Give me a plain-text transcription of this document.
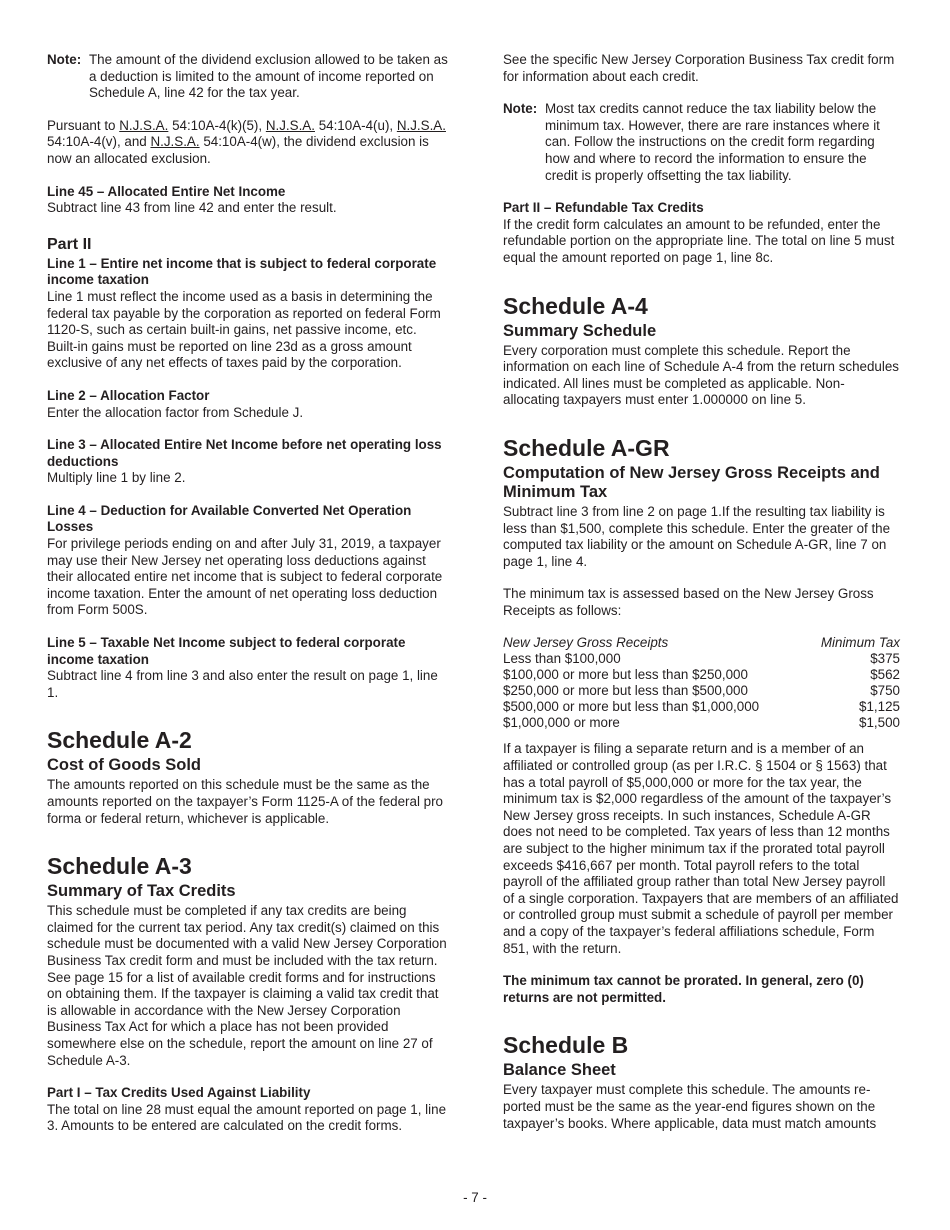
Note: The amount of the dividend exclusion allowed to be taken as a deduction is limited to the amount of income reported on Schedule A, line 42 for the tax year.

Pursuant to N.J.S.A. 54:10A-4(k)(5), N.J.S.A. 54:10A-4(u), N.J.S.A. 54:10A-4(v), and N.J.S.A. 54:10A-4(w), the dividend exclusion is now an allocated exclusion.

Line 45 – Allocated Entire Net Income

Subtract line 43 from line 42 and enter the result.

Part II
Line 1 – Entire net income that is subject to federal corporate income taxation

Line 1 must reflect the income used as a basis in determining the federal tax payable by the corporation as reported on federal Form 1120-S, such as certain built-in gains, net passive income, etc. Built-in gains must be reported on line 23d as a gross amount exclusive of any net effects of taxes paid by the corporation.

Line 2 – Allocation Factor

Enter the allocation factor from Schedule J.

Line 3 – Allocated Entire Net Income before net operating loss deductions

Multiply line 1 by line 2.

Line 4 – Deduction for Available Converted Net Operation Losses

For privilege periods ending on and after July 31, 2019, a taxpayer may use their New Jersey net operating loss deductions against their allocated entire net income that is subject to federal corporate income taxation. Enter the amount of net operating loss deduction from Form 500S.

Line 5 – Taxable Net Income subject to federal corporate income taxation

Subtract line 4 from line 3 and also enter the result on page 1, line 1.

Schedule A-2
Cost of Goods Sold

The amounts reported on this schedule must be the same as the amounts reported on the taxpayer’s Form 1125-A of the federal pro forma or federal return, whichever is applicable.

Schedule A-3
Summary of Tax Credits

This schedule must be completed if any tax credits are being claimed for the current tax period. Any tax credit(s) claimed on this schedule must be documented with a valid New Jersey Corporation Business Tax credit form and must be included with the tax return. See page 15 for a list of available credit forms and for instructions on obtaining them. If the taxpayer is claiming a valid tax credit that is allowable in accordance with the New Jersey Corporation Business Tax Act for which a place has not been provided somewhere else on the schedule, report the amount on line 27 of Schedule A-3.

Part I – Tax Credits Used Against Liability

The total on line 28 must equal the amount reported on page 1, line 3. Amounts to be entered are calculated on the credit forms.

See the specific New Jersey Corporation Business Tax credit form for information about each credit.

Note: Most tax credits cannot reduce the tax liability below the minimum tax. However, there are rare instances where it can. Follow the instructions on the credit form regarding how and where to record the information to ensure the credit is properly offsetting the tax liability.
Part II – Refundable Tax Credits

If the credit form calculates an amount to be refunded, enter the refundable portion on the appropriate line. The total on line 5 must equal the amount reported on page 1, line 8c.

Schedule A-4
Summary Schedule

Every corporation must complete this schedule. Report the information on each line of Schedule A-4 from the return schedules indicated. All lines must be completed as applicable. Non-allocating taxpayers must enter 1.000000 on line 5.

Schedule A-GR
Computation of New Jersey Gross Receipts and Minimum Tax

Subtract line 3 from line 2 on page 1.If the resulting tax liability is less than $1,500, complete this schedule. Enter the greater of the computed tax liability or the amount on Schedule A-GR, line 7 on page 1, line 4.

The minimum tax is assessed based on the New Jersey Gross Receipts as follows:

New Jersey Gross Receipts	Minimum Tax
Less than $100,000	$375
$100,000 or more but less than $250,000	$562
$250,000 or more but less than $500,000	$750
$500,000 or more but less than $1,000,000	$1,125
$1,000,000 or more	$1,500

If a taxpayer is filing a separate return and is a member of an affiliated or controlled group (as per I.R.C. § 1504 or § 1563) that has a total payroll of $5,000,000 or more for the tax year, the minimum tax is $2,000 regardless of the amount of the taxpayer’s New Jersey gross receipts. In such instances, Schedule A-GR does not need to be completed. Tax years of less than 12 months are subject to the higher minimum tax if the prorated total payroll exceeds $416,667 per month. Total payroll refers to the total payroll of the affiliated group rather than total New Jersey payroll of a single corporation. Taxpayers that are members of an affiliated or controlled group must submit a schedule of payroll per member and a copy of the taxpayer’s federal affiliations schedule, Form 851, with the return.

The minimum tax cannot be prorated. In general, zero (0) returns are not permitted.

Schedule B
Balance Sheet

Every taxpayer must complete this schedule. The amounts reported must be the same as the year-end figures shown on the taxpayer’s books. Where applicable, data must match amounts

- 7 -
